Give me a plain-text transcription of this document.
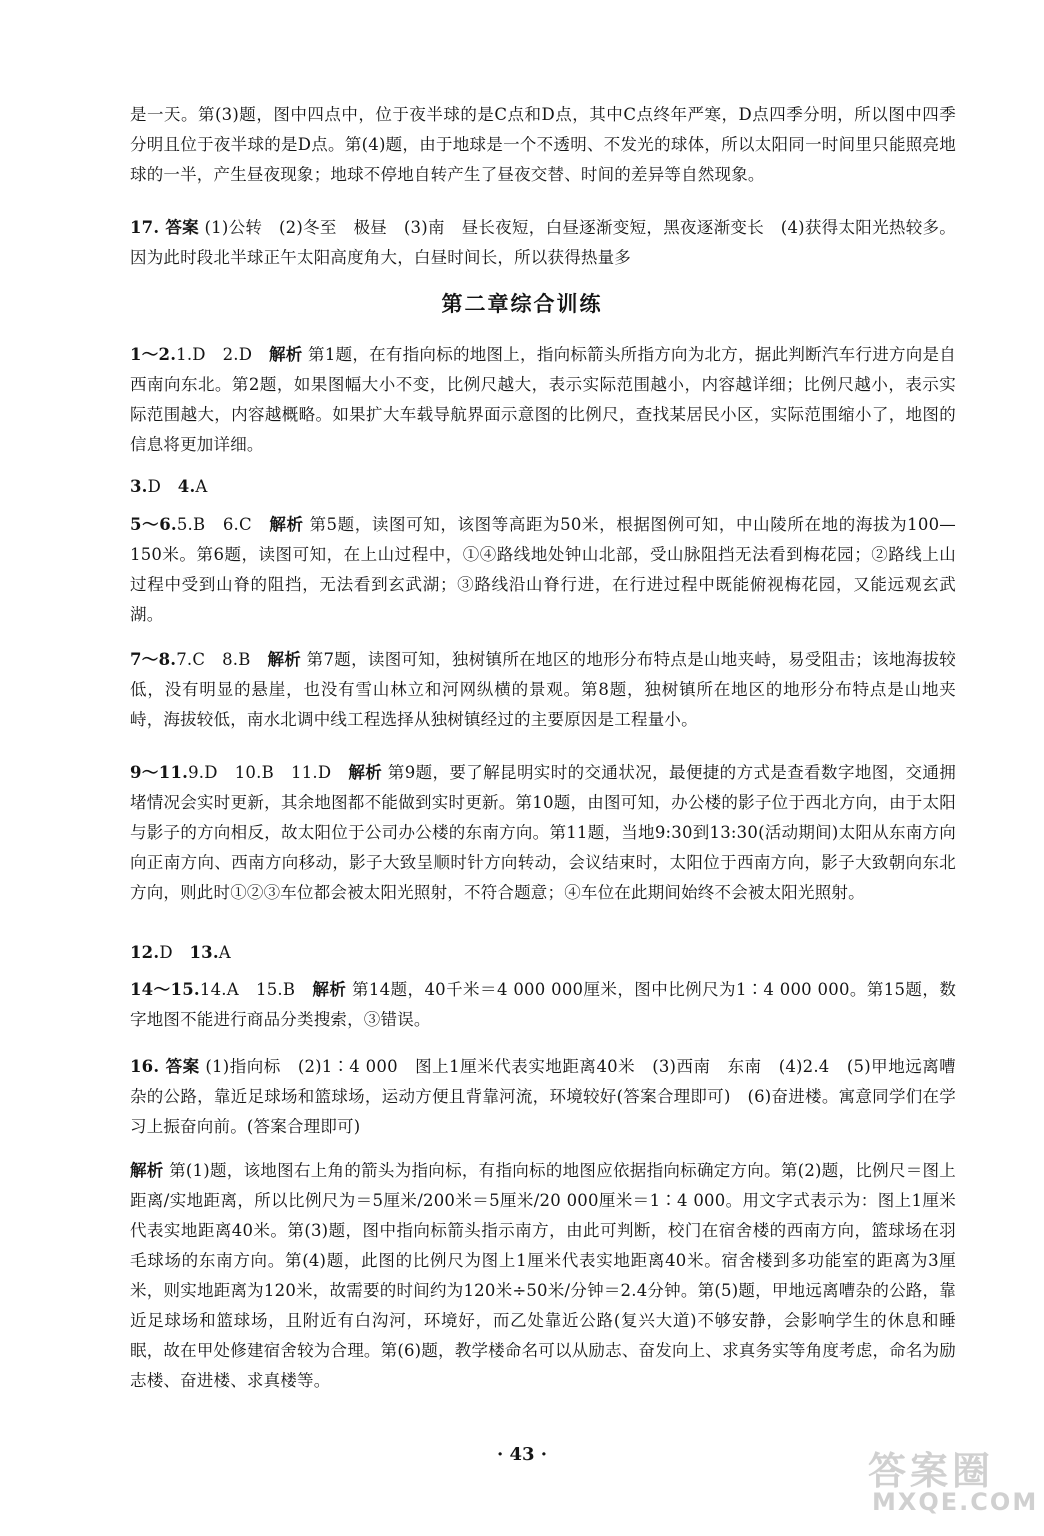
是一天。第(3)题，图中四点中，位于夜半球的是C点和D点，其中C点终年严寒，D点四季分明，所以图中四季分明且位于夜半球的是D点。第(4)题，由于地球是一个不透明、不发光的球体，所以太阳同一时间里只能照亮地球的一半，产生昼夜现象；地球不停地自转产生了昼夜交替、时间的差异等自然现象。

17. 答案 (1)公转　(2)冬至　极昼　(3)南　昼长夜短，白昼逐渐变短，黑夜逐渐变长　(4)获得太阳光热较多。因为此时段北半球正午太阳高度角大，白昼时间长，所以获得热量多

第二章综合训练

1～2.1.D　2.D　解析 第1题，在有指向标的地图上，指向标箭头所指方向为北方，据此判断汽车行进方向是自西南向东北。第2题，如果图幅大小不变，比例尺越大，表示实际范围越小，内容越详细；比例尺越小，表示实际范围越大，内容越概略。如果扩大车载导航界面示意图的比例尺，查找某居民小区，实际范围缩小了，地图的信息将更加详细。

3.D　4.A

5～6.5.B　6.C　解析 第5题，读图可知，该图等高距为50米，根据图例可知，中山陵所在地的海拔为100—150米。第6题，读图可知，在上山过程中，①④路线地处钟山北部，受山脉阻挡无法看到梅花园；②路线上山过程中受到山脊的阻挡，无法看到玄武湖；③路线沿山脊行进，在行进过程中既能俯视梅花园，又能远观玄武湖。

7～8.7.C　8.B　解析 第7题，读图可知，独树镇所在地区的地形分布特点是山地夹峙，易受阻击；该地海拔较低，没有明显的悬崖，也没有雪山林立和河网纵横的景观。第8题，独树镇所在地区的地形分布特点是山地夹峙，海拔较低，南水北调中线工程选择从独树镇经过的主要原因是工程量小。

9～11.9.D　10.B　11.D　解析 第9题，要了解昆明实时的交通状况，最便捷的方式是查看数字地图，交通拥堵情况会实时更新，其余地图都不能做到实时更新。第10题，由图可知，办公楼的影子位于西北方向，由于太阳与影子的方向相反，故太阳位于公司办公楼的东南方向。第11题，当地9:30到13:30(活动期间)太阳从东南方向向正南方向、西南方向移动，影子大致呈顺时针方向转动，会议结束时，太阳位于西南方向，影子大致朝向东北方向，则此时①②③车位都会被太阳光照射，不符合题意；④车位在此期间始终不会被太阳光照射。

12.D　13.A

14～15.14.A　15.B　解析 第14题，40千米＝4 000 000厘米，图中比例尺为1∶4 000 000。第15题，数字地图不能进行商品分类搜索，③错误。

16. 答案 (1)指向标　(2)1∶4 000　图上1厘米代表实地距离40米　(3)西南　东南　(4)2.4　(5)甲地远离嘈杂的公路，靠近足球场和篮球场，运动方便且背靠河流，环境较好(答案合理即可)　(6)奋进楼。寓意同学们在学习上振奋向前。(答案合理即可)

解析 第(1)题，该地图右上角的箭头为指向标，有指向标的地图应依据指向标确定方向。第(2)题，比例尺＝图上距离/实地距离，所以比例尺为＝5厘米/200米＝5厘米/20 000厘米＝1∶4 000。用文字式表示为：图上1厘米代表实地距离40米。第(3)题，图中指向标箭头指示南方，由此可判断，校门在宿舍楼的西南方向，篮球场在羽毛球场的东南方向。第(4)题，此图的比例尺为图上1厘米代表实地距离40米。宿舍楼到多功能室的距离为3厘米，则实地距离为120米，故需要的时间约为120米÷50米/分钟＝2.4分钟。第(5)题，甲地远离嘈杂的公路，靠近足球场和篮球场，且附近有白沟河，环境好，而乙处靠近公路(复兴大道)不够安静，会影响学生的休息和睡眠，故在甲处修建宿舍较为合理。第(6)题，教学楼命名可以从励志、奋发向上、求真务实等角度考虑，命名为励志楼、奋进楼、求真楼等。

· 43 ·	答案圈
MXQE.COM
